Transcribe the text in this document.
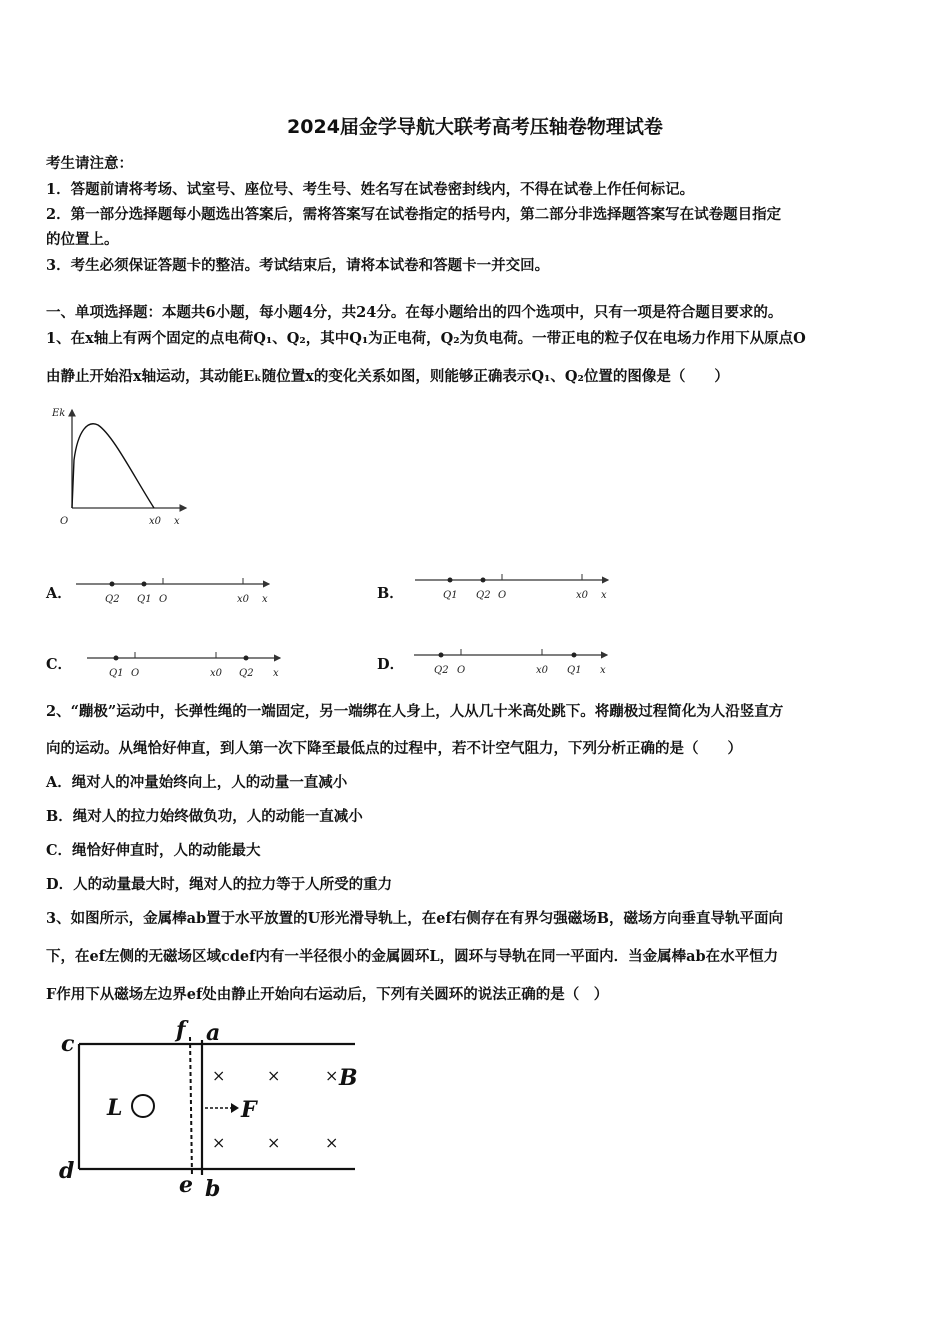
2024届金学导航大联考高考压轴卷物理试卷
考生请注意：
1．答题前请将考场、试室号、座位号、考生号、姓名写在试卷密封线内，不得在试卷上作任何标记。
2．第一部分选择题每小题选出答案后，需将答案写在试卷指定的括号内，第二部分非选择题答案写在试卷题目指定
的位置上。
3．考生必须保证答题卡的整洁。考试结束后，请将本试卷和答题卡一并交回。
一、单项选择题：本题共6小题，每小题4分，共24分。在每小题给出的四个选项中，只有一项是符合题目要求的。
1、在x轴上有两个固定的点电荷Q₁、Q₂，其中Q₁为正电荷，Q₂为负电荷。一带正电的粒子仅在电场力作用下从原点O
由静止开始沿x轴运动，其动能Eₖ随位置x的变化关系如图，则能够正确表示Q₁、Q₂位置的图像是（　　）
Ek
O	x0 x
A．	Q2 Q1 O	x0 x	B．	Q1 Q2 O	x0 x
C．
Q1 O	x0 Q2 x
D．	Q2 O	x0 Q1 x
2、“蹦极”运动中，长弹性绳的一端固定，另一端绑在人身上，人从几十米高处跳下。将蹦极过程简化为人沿竖直方
向的运动。从绳恰好伸直，到人第一次下降至最低点的过程中，若不计空气阻力，下列分析正确的是（　　）
A．绳对人的冲量始终向上，人的动量一直减小
B．绳对人的拉力始终做负功，人的动能一直减小
C．绳恰好伸直时，人的动能最大
D．人的动量最大时，绳对人的拉力等于人所受的重力
3、如图所示，金属棒ab置于水平放置的U形光滑导轨上，在ef右侧存在有界匀强磁场B，磁场方向垂直导轨平面向
下，在ef左侧的无磁场区域cdef内有一半径很小的金属圆环L，圆环与导轨在同一平面内．当金属棒ab在水平恒力
F作用下从磁场左边界ef处由静止开始向右运动后，下列有关圆环的说法正确的是（　）
×	×	×
×	×	×
c
d
f a
e b
B
F
L
